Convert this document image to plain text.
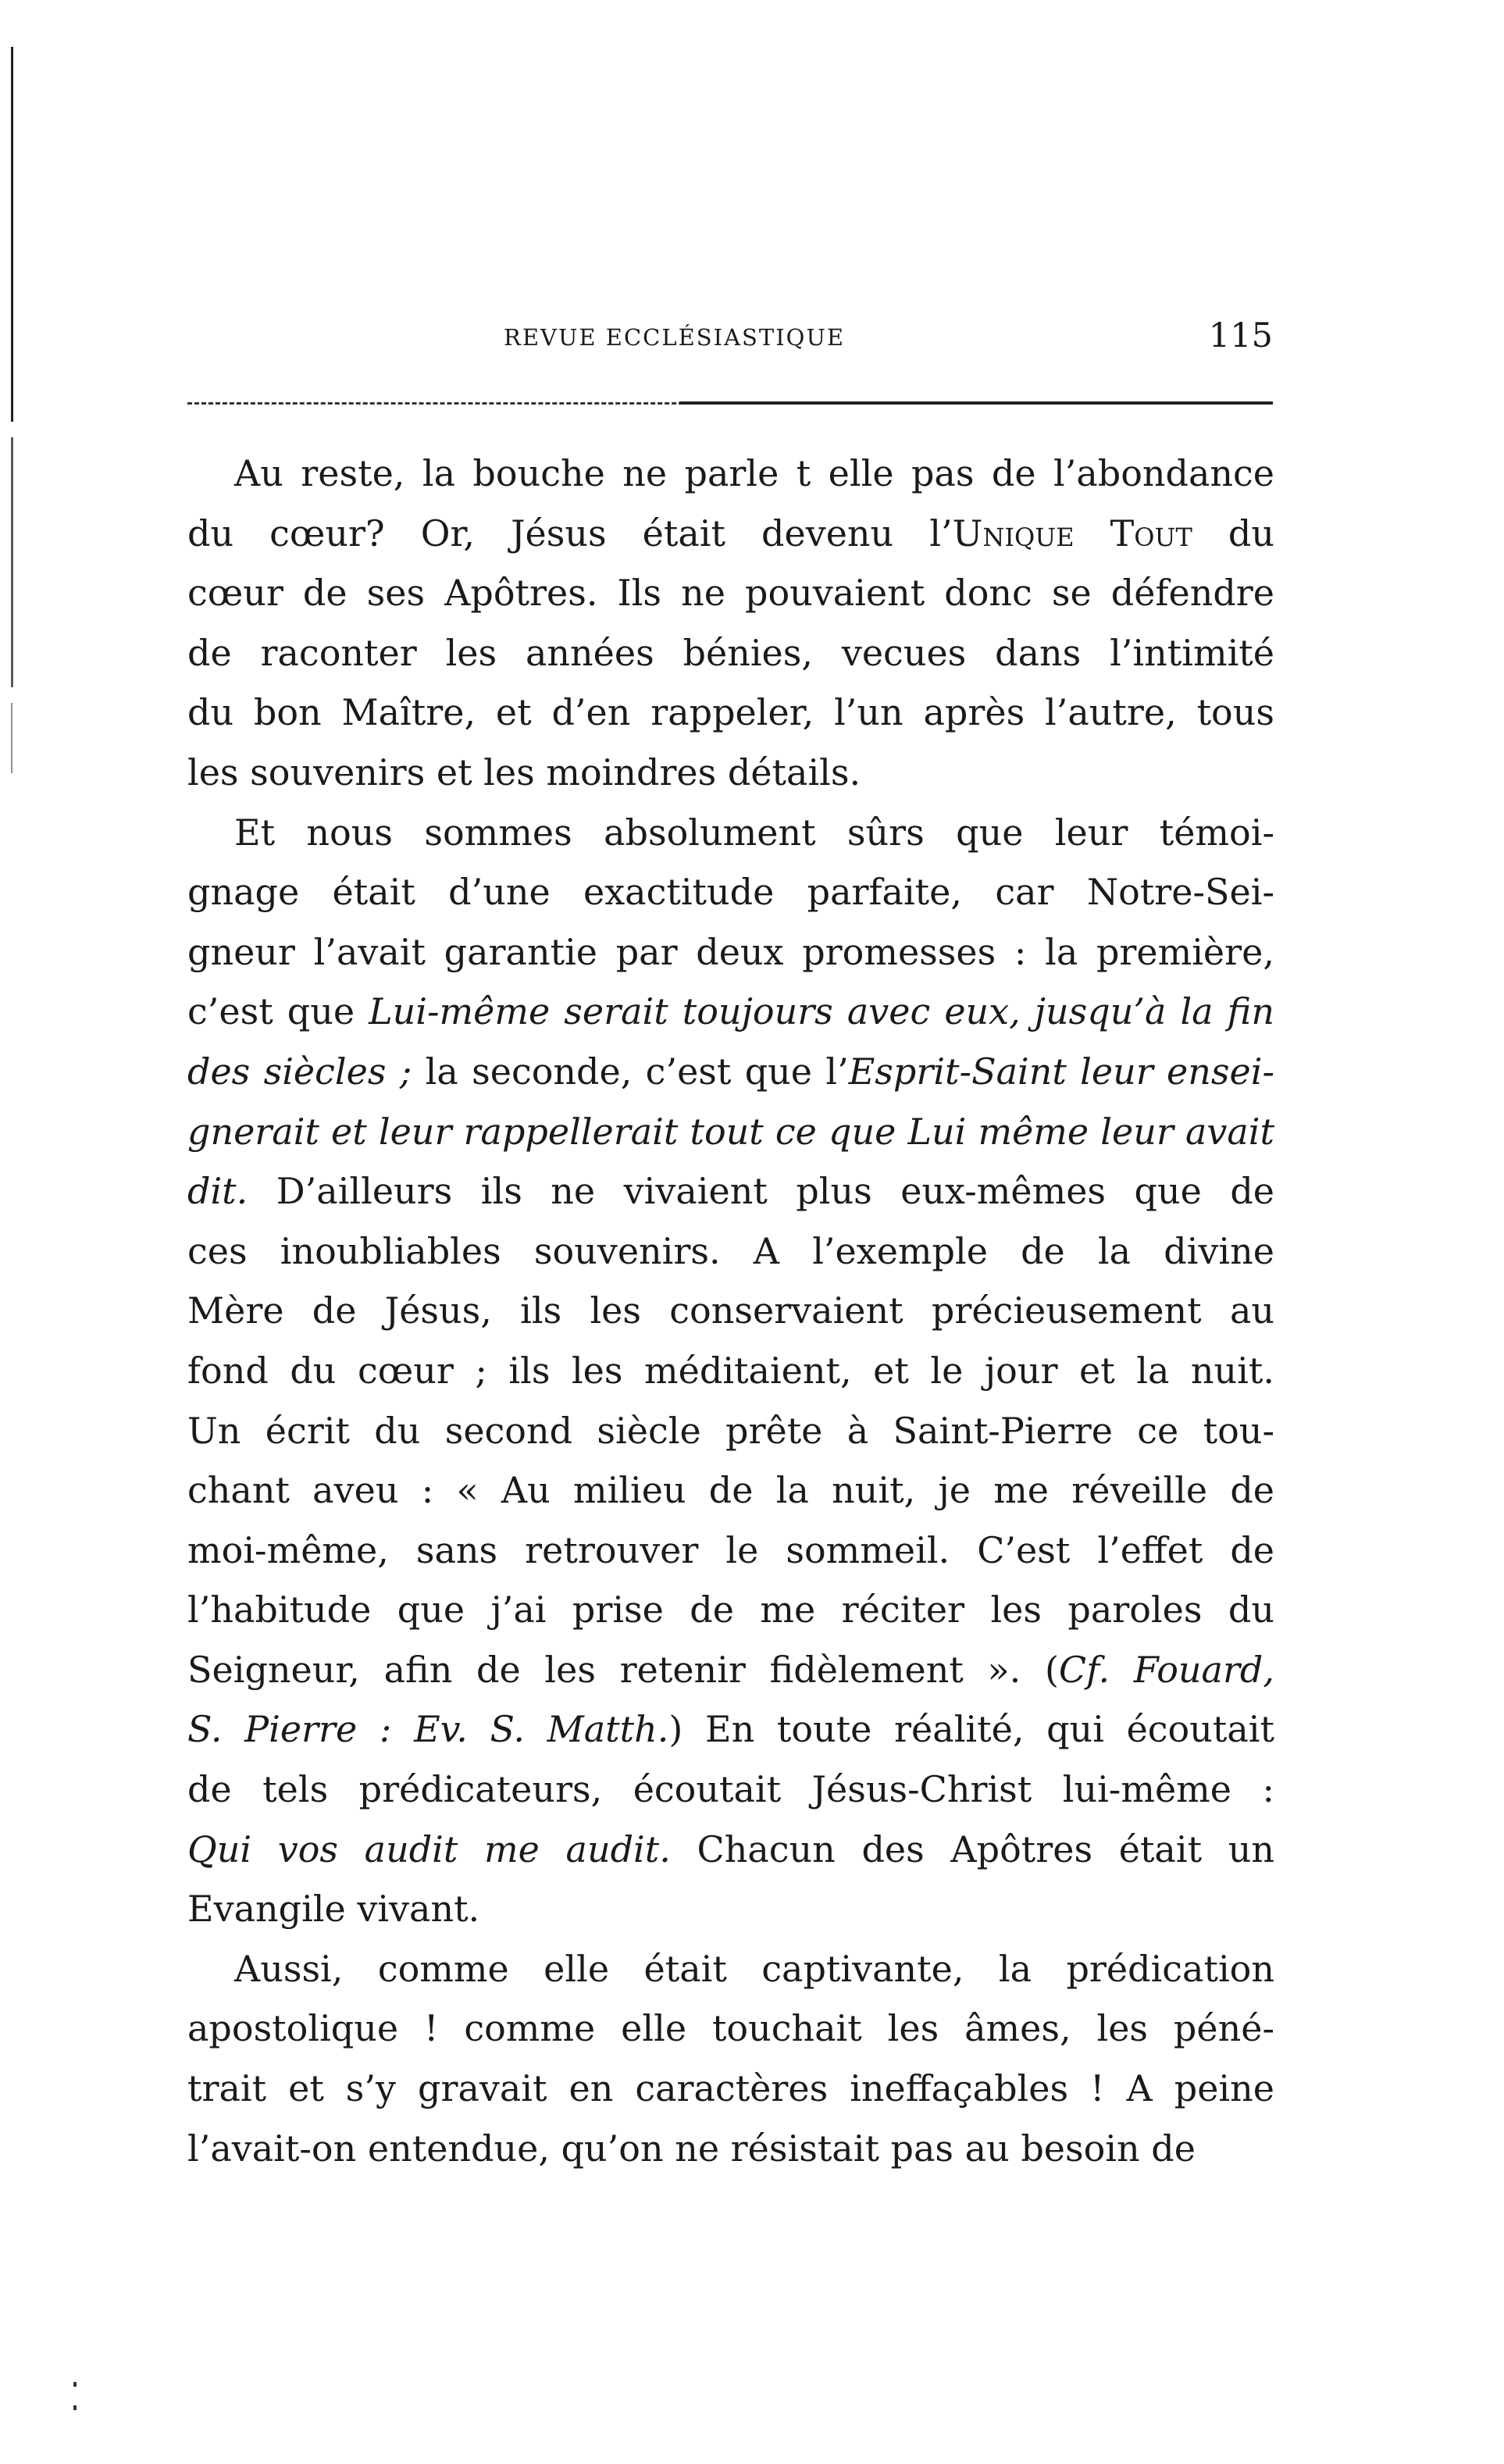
REVUE ECCLÉSIASTIQUE	115
Au reste, la bouche ne parle t elle pas de l’abondance
du cœur? Or, Jésus était devenu l’Unique Tout du
cœur de ses Apôtres. Ils ne pouvaient donc se défendre
de raconter les années bénies, vecues dans l’intimité
du bon Maître, et d’en rappeler, l’un après l’autre, tous
les souvenirs et les moindres détails.
Et nous sommes absolument sûrs que leur témoi-
gnage était d’une exactitude parfaite, car Notre-Sei-
gneur l’avait garantie par deux promesses : la première,
c’est que Lui-même serait toujours avec eux, jusqu’à la fin
des siècles ; la seconde, c’est que l’Esprit-Saint leur ensei-
gnerait et leur rappellerait tout ce que Lui même leur avait
dit. D’ailleurs ils ne vivaient plus eux-mêmes que de
ces inoubliables souvenirs. A l’exemple de la divine
Mère de Jésus, ils les conservaient précieusement au
fond du cœur ; ils les méditaient, et le jour et la nuit.
Un écrit du second siècle prête à Saint-Pierre ce tou-
chant aveu : « Au milieu de la nuit, je me réveille de
moi-même, sans retrouver le sommeil. C’est l’effet de
l’habitude que j’ai prise de me réciter les paroles du
Seigneur, afin de les retenir fidèlement ». (Cf. Fouard,
S. Pierre : Ev. S. Matth.) En toute réalité, qui écoutait
de tels prédicateurs, écoutait Jésus-Christ lui-même :
Qui vos audit me audit. Chacun des Apôtres était un
Evangile vivant.
Aussi, comme elle était captivante, la prédication
apostolique ! comme elle touchait les âmes, les péné-
trait et s’y gravait en caractères ineffaçables ! A peine
l’avait-on entendue, qu’on ne résistait pas au besoin de
